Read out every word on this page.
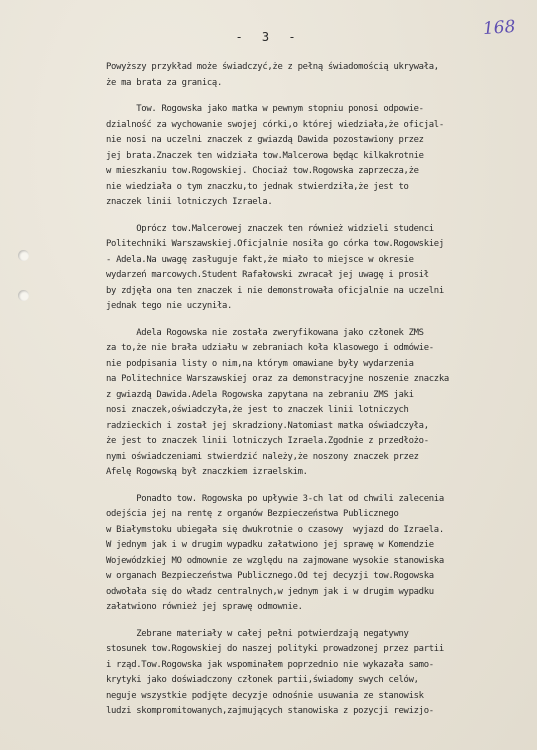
- 3 -	168
Powyższy przykład może świadczyć,że z pełną świadomością ukrywała,
że ma brata za granicą.
Tow. Rogowska jako matka w pewnym stopniu ponosi odpowie-
dzialność za wychowanie swojej córki,o której wiedziała,że oficjal-
nie nosi na uczelni znaczek z gwiazdą Dawida pozostawiony przez
jej brata.Znaczek ten widziała tow.Malcerowa będąc kilkakrotnie
w mieszkaniu tow.Rogowskiej. Chociaż tow.Rogowska zaprzecza,że
nie wiedziała o tym znaczku,to jednak stwierdziła,że jest to
znaczek linii lotniczych Izraela.
Oprócz tow.Malcerowej znaczek ten również widzieli studenci
Politechniki Warszawskiej.Oficjalnie nosiła go córka tow.Rogowskiej
- Adela.Na uwagę zasługuje fakt,że miało to miejsce w okresie
wydarzeń marcowych.Student Rafałowski zwracał jej uwagę i prosił
by zdjęła ona ten znaczek i nie demonstrowała oficjalnie na uczelni
jednak tego nie uczyniła.
Adela Rogowska nie została zweryfikowana jako członek ZMS
za to,że nie brała udziału w zebraniach koła klasowego i odmówie-
nie podpisania listy o nim,na którym omawiane były wydarzenia
na Politechnice Warszawskiej oraz za demonstracyjne noszenie znaczka
z gwiazdą Dawida.Adela Rogowska zapytana na zebraniu ZMS jaki
nosi znaczek,oświadczyła,że jest to znaczek linii lotniczych
radzieckich i został jej skradziony.Natomiast matka oświadczyła,
że jest to znaczek linii lotniczych Izraela.Zgodnie z przedłożo-
nymi oświadczeniami stwierdzić należy,że noszony znaczek przez
Afelę Rogowską był znaczkiem izraelskim.
Ponadto tow. Rogowska po upływie 3-ch lat od chwili zalecenia
odejścia jej na rentę z organów Bezpieczeństwa Publicznego
w Białymstoku ubiegała się dwukrotnie o czasowy  wyjazd do Izraela.
W jednym jak i w drugim wypadku załatwiono jej sprawę w Komendzie
Wojewódzkiej MO odmownie ze względu na zajmowane wysokie stanowiska
w organach Bezpieczeństwa Publicznego.Od tej decyzji tow.Rogowska
odwołała się do władz centralnych,w jednym jak i w drugim wypadku
załatwiono również jej sprawę odmownie.
Zebrane materiały w całej pełni potwierdzają negatywny
stosunek tow.Rogowskiej do naszej polityki prowadzonej przez partii
i rząd.Tow.Rogowska jak wspominałem poprzednio nie wykazała samo-
krytyki jako doświadczony członek partii,świadomy swych celów,
neguje wszystkie podjęte decyzje odnośnie usuwania ze stanowisk
ludzi skompromitowanych,zajmujących stanowiska z pozycji rewizjo-
